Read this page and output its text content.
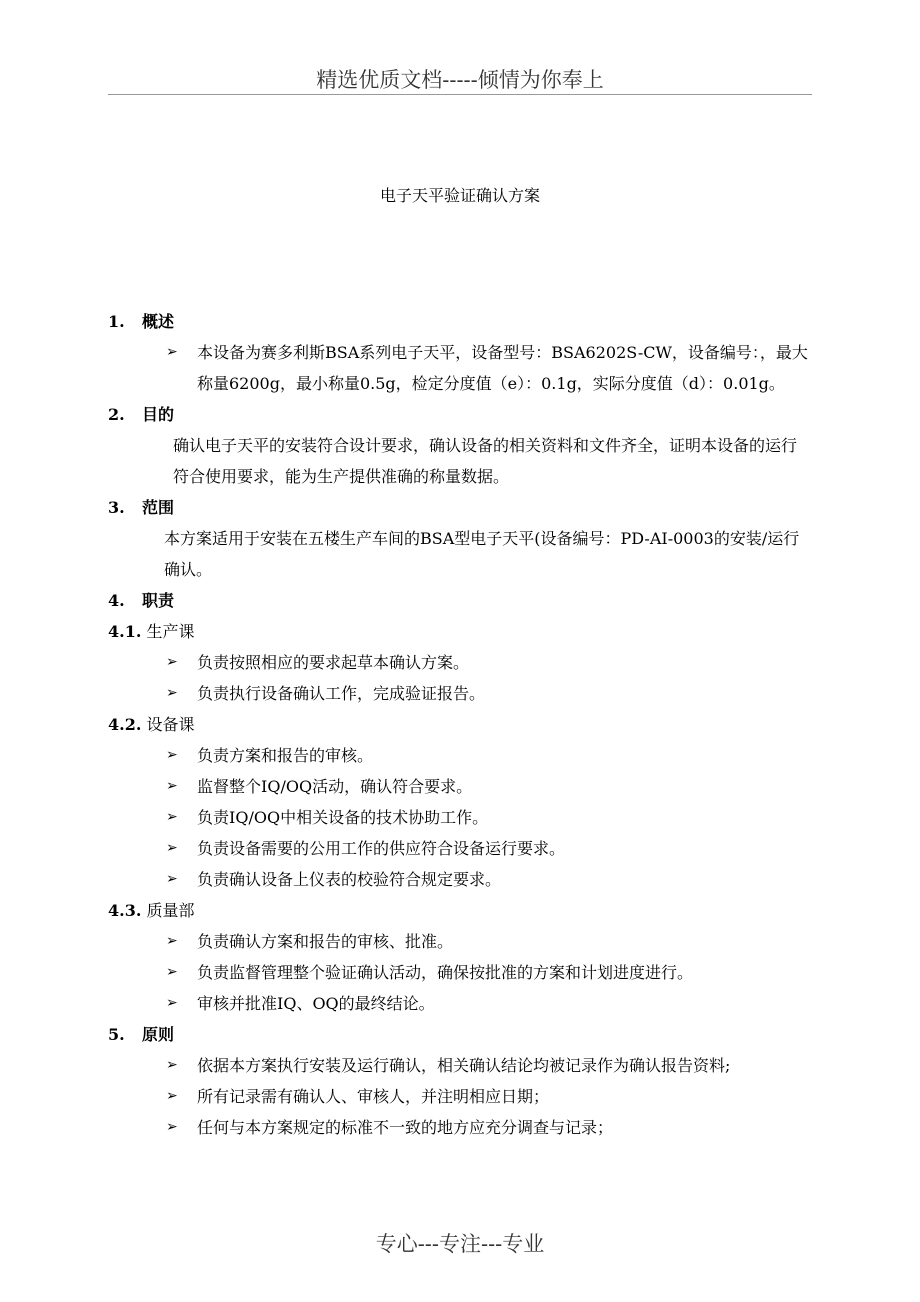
精选优质文档-----倾情为你奉上
电子天平验证确认方案
1.	概述
➢	本设备为赛多利斯BSA系列电子天平，设备型号：BSA6202S-CW，设备编号：，最大称量6200g，最小称量0.5g，检定分度值（e）：0.1g，实际分度值（d）：0.01g。
2.	目的
确认电子天平的安装符合设计要求，确认设备的相关资料和文件齐全，证明本设备的运行符合使用要求，能为生产提供准确的称量数据。
3.	范围
本方案适用于安装在五楼生产车间的BSA型电子天平(设备编号：PD-AI-0003的安装/运行确认。
4.	职责
4.1. 生产课
➢	负责按照相应的要求起草本确认方案。
➢	负责执行设备确认工作，完成验证报告。
4.2. 设备课
➢	负责方案和报告的审核。
➢	监督整个IQ/OQ活动，确认符合要求。
➢	负责IQ/OQ中相关设备的技术协助工作。
➢	负责设备需要的公用工作的供应符合设备运行要求。
➢	负责确认设备上仪表的校验符合规定要求。
4.3. 质量部
➢	负责确认方案和报告的审核、批准。
➢	负责监督管理整个验证确认活动，确保按批准的方案和计划进度进行。
➢	审核并批准IQ、OQ的最终结论。
5.	原则
➢	依据本方案执行安装及运行确认，相关确认结论均被记录作为确认报告资料;
➢	所有记录需有确认人、审核人，并注明相应日期；
➢	任何与本方案规定的标准不一致的地方应充分调查与记录；
专心---专注---专业
